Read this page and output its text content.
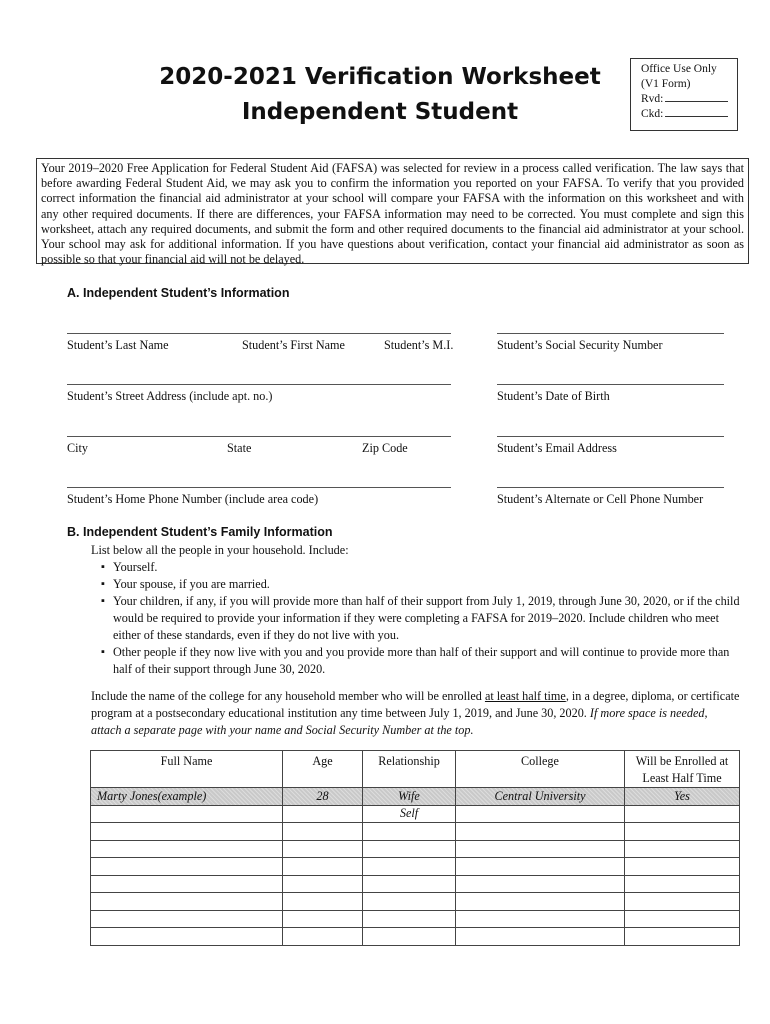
2020-2021 Verification Worksheet
Independent Student
Office Use Only
(V1 Form)
Rvd:
Ckd:
Your 2019–2020 Free Application for Federal Student Aid (FAFSA) was selected for review in a process called verification. The law says that before awarding Federal Student Aid, we may ask you to confirm the information you reported on your FAFSA. To verify that you provided correct information the financial aid administrator at your school will compare your FAFSA with the information on this worksheet and with any other required documents. If there are differences, your FAFSA information may need to be corrected. You must complete and sign this worksheet, attach any required documents, and submit the form and other required documents to the financial aid administrator at your school. Your school may ask for additional information. If you have questions about verification, contact your financial aid administrator as soon as possible so that your financial aid will not be delayed.
A. Independent Student’s Information
Student’s Last Name	Student’s First Name	Student’s M.I.	Student’s Social Security Number
Student’s Street Address (include apt. no.)	Student’s Date of Birth
City	State	Zip Code	Student’s Email Address
Student’s Home Phone Number (include area code)	Student’s Alternate or Cell Phone Number
B. Independent Student’s Family Information
List below all the people in your household. Include:
▪ Yourself.
▪ Your spouse, if you are married.
▪ Your children, if any, if you will provide more than half of their support from July 1, 2019, through June 30, 2020, or if the child would be required to provide your information if they were completing a FAFSA for 2019–2020. Include children who meet either of these standards, even if they do not live with you.
▪ Other people if they now live with you and you provide more than half of their support and will continue to provide more than half of their support through June 30, 2020.
Include the name of the college for any household member who will be enrolled at least half time, in a degree, diploma, or certificate program at a postsecondary educational institution any time between July 1, 2019, and June 30, 2020. If more space is needed, attach a separate page with your name and Social Security Number at the top.
Full Name	Age	Relationship	College	Will be Enrolled at
Least Half Time
Marty Jones(example)	28	Wife	Central University	Yes
		Self		
